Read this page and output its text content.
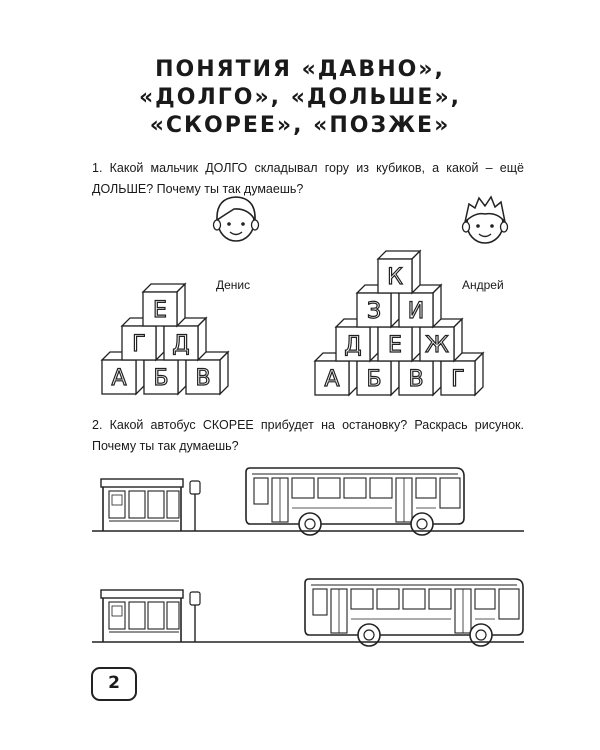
ПОНЯТИЯ «ДАВНО»,
«ДОЛГО», «ДОЛЬШЕ»,
«СКОРЕЕ», «ПОЗЖЕ»
1. Какой мальчик ДОЛГО складывал гору из кубиков, а какой – ещё ДОЛЬШЕ? Почему ты так думаешь?
Денис	Андрей
2. Какой автобус СКОРЕЕ прибудет на остановку? Раскрась рисунок. Почему ты так думаешь?
Е
Г Д
А Б В
К
З И
Д Е Ж
А Б В Г
2
